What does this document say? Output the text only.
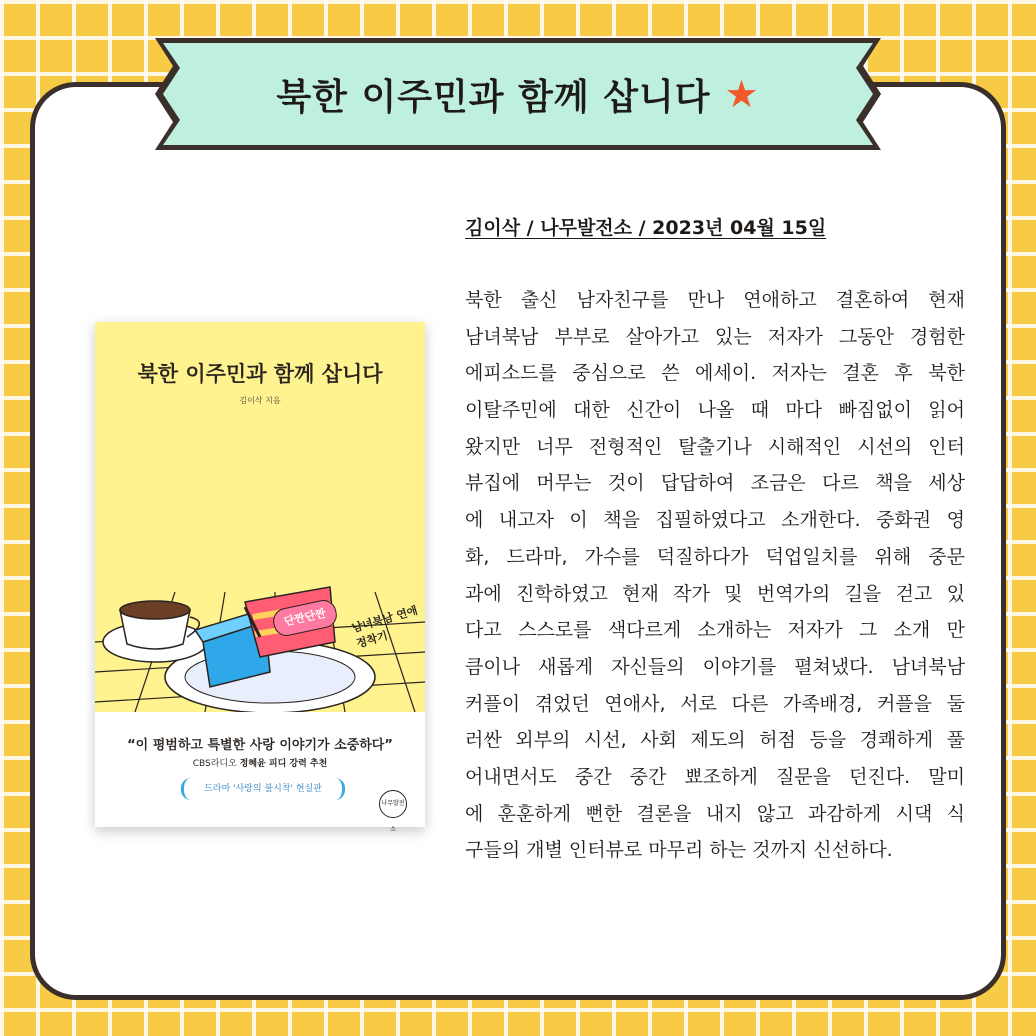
북한 이주민과 함께 삽니다 ★
북한 이주민과 함께 삽니다
김이삭 지음
단짠단짠	남녀북남 연애 정착기
“이 평범하고 특별한 사랑 이야기가 소중하다”
CBS라디오 정혜윤 피디 강력 추천
드라마 '사랑의 불시착' 현실판
나무발전소
김이삭 / 나무발전소 / 2023년 04월 15일
북한 출신 남자친구를 만나 연애하고 결혼하여 현재
남녀북남 부부로 살아가고 있는 저자가 그동안 경험한
에피소드를 중심으로 쓴 에세이. 저자는 결혼 후 북한
이탈주민에 대한 신간이 나올 때 마다 빠짐없이 읽어
왔지만 너무 전형적인 탈출기나 시해적인 시선의 인터
뷰집에 머무는 것이 답답하여 조금은 다르 책을 세상
에 내고자 이 책을 집필하였다고 소개한다. 중화권 영
화, 드라마, 가수를 덕질하다가 덕업일치를 위해 중문
과에 진학하였고 현재 작가 및 번역가의 길을 걷고 있
다고 스스로를 색다르게 소개하는 저자가 그 소개 만
큼이나 새롭게 자신들의 이야기를 펼쳐냈다. 남녀북남
커플이 겪었던 연애사, 서로 다른 가족배경, 커플을 둘
러싼 외부의 시선, 사회 제도의 허점 등을 경쾌하게 풀
어내면서도 중간 중간 뾰조하게 질문을 던진다. 말미
에 훈훈하게 뻔한 결론을 내지 않고 과감하게 시댁 식
구들의 개별 인터뷰로 마무리 하는 것까지 신선하다.
